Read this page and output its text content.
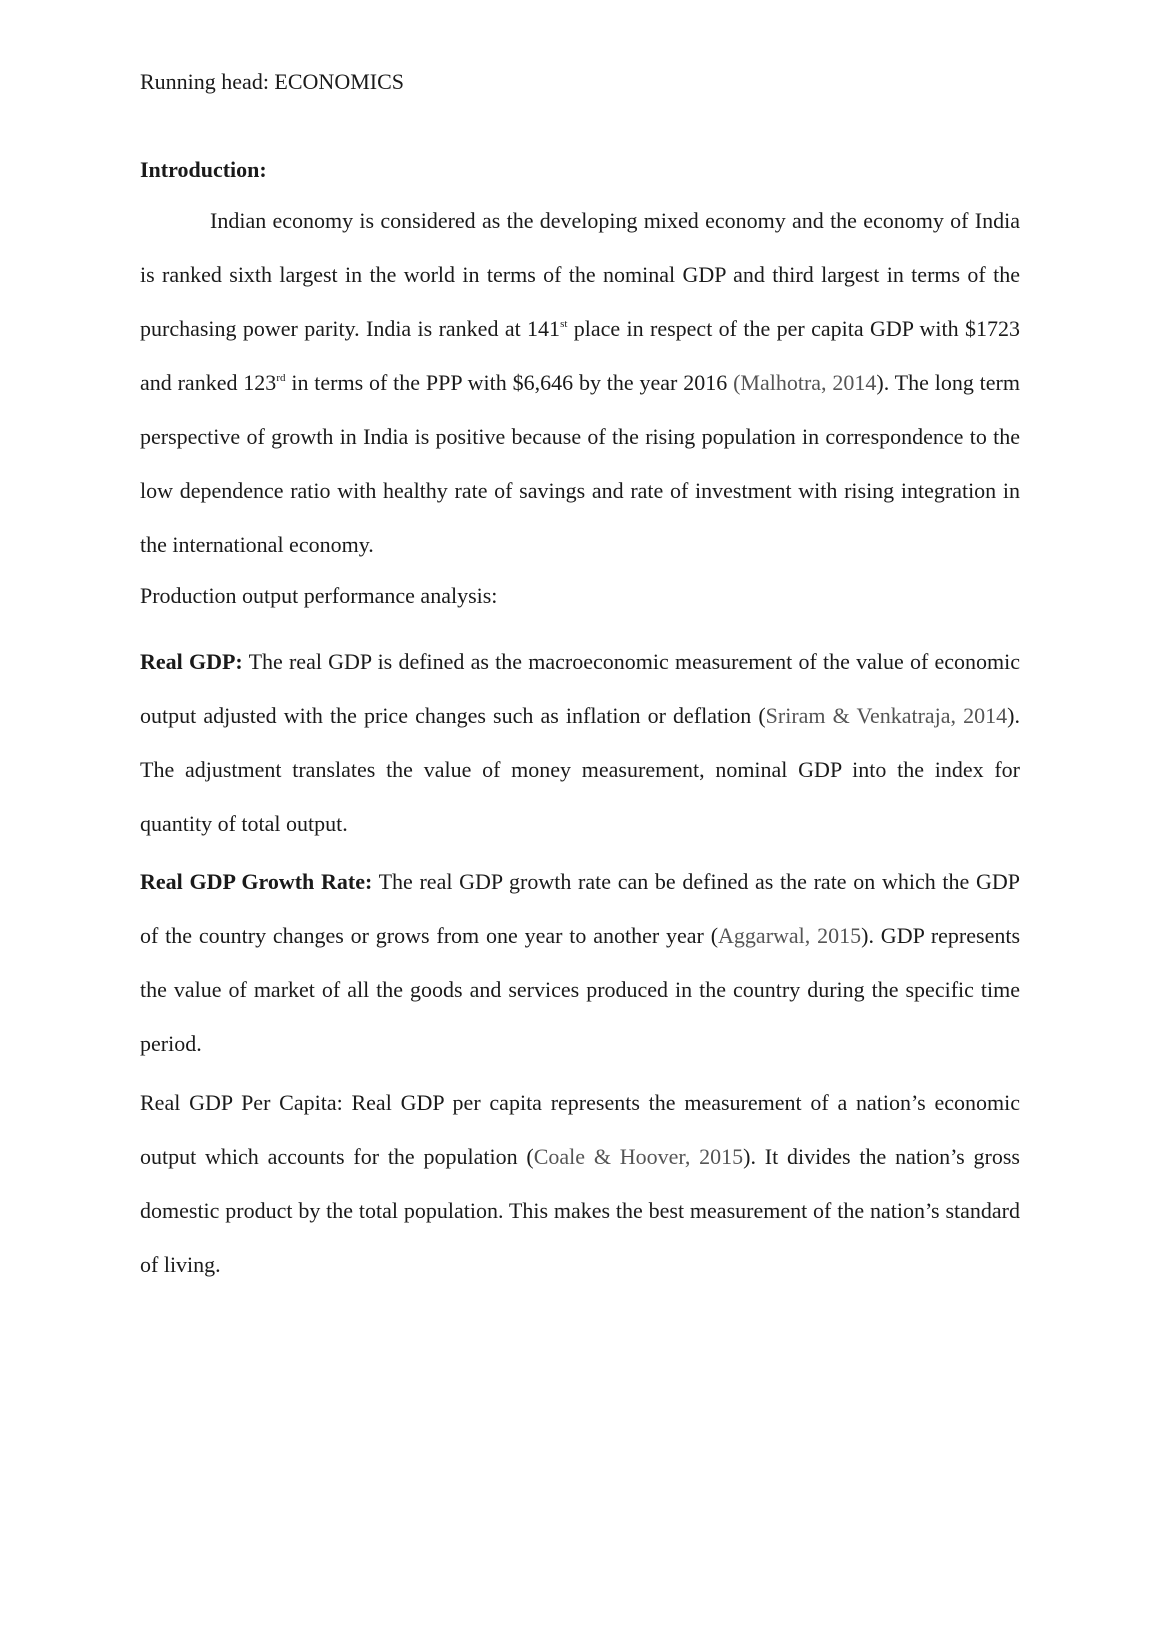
Running head: ECONOMICS
Introduction:

Indian economy is considered as the developing mixed economy and the economy of India is ranked sixth largest in the world in terms of the nominal GDP and third largest in terms of the purchasing power parity. India is ranked at 141st place in respect of the per capita GDP with $1723 and ranked 123rd in terms of the PPP with $6,646 by the year 2016 (Malhotra, 2014). The long term perspective of growth in India is positive because of the rising population in correspondence to the low dependence ratio with healthy rate of savings and rate of investment with rising integration in the international economy.

Production output performance analysis:

Real GDP: The real GDP is defined as the macroeconomic measurement of the value of economic output adjusted with the price changes such as inflation or deflation (Sriram & Venkatraja, 2014). The adjustment translates the value of money measurement, nominal GDP into the index for quantity of total output.

Real GDP Growth Rate: The real GDP growth rate can be defined as the rate on which the GDP of the country changes or grows from one year to another year (Aggarwal, 2015). GDP represents the value of market of all the goods and services produced in the country during the specific time period.

Real GDP Per Capita: Real GDP per capita represents the measurement of a nation’s economic output which accounts for the population (Coale & Hoover, 2015). It divides the nation’s gross domestic product by the total population. This makes the best measurement of the nation’s standard of living.
